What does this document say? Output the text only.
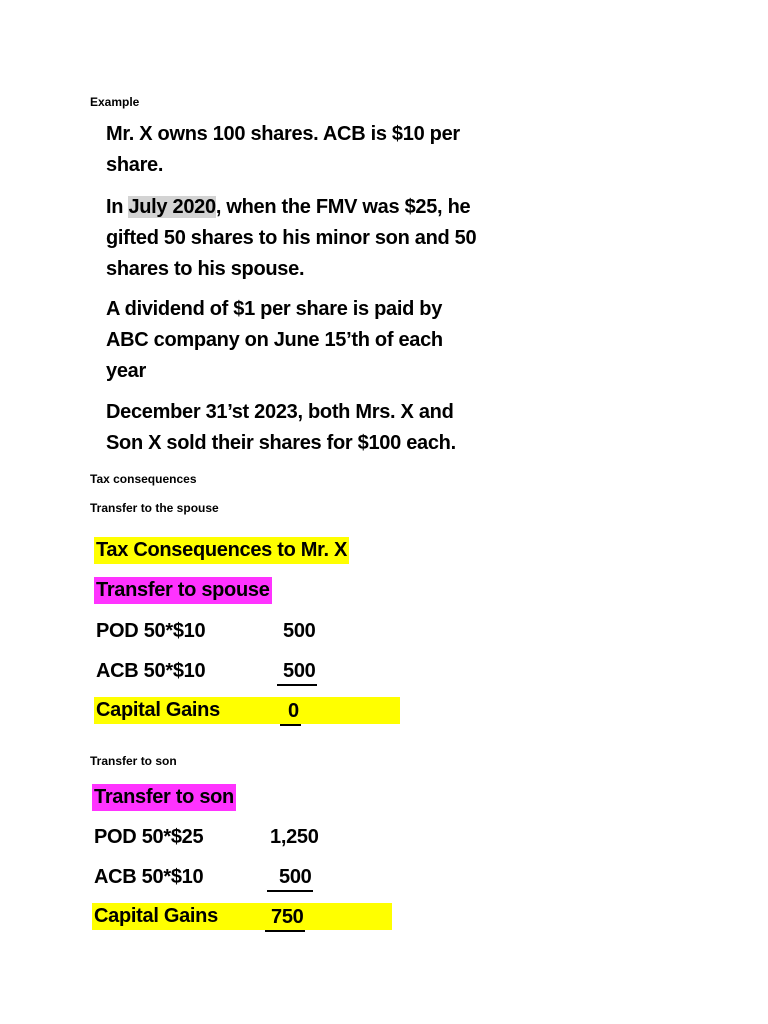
Example

Mr. X owns 100 shares. ACB is $10 per share.

In July 2020, when the FMV was $25, he gifted 50 shares to his minor son and 50 shares to his spouse.

A dividend of $1 per share is paid by ABC company on June 15’th of each year

December 31’st 2023, both Mrs. X and Son X sold their shares for $100 each.

Tax consequences

Transfer to the spouse

Tax Consequences to Mr. X

Transfer to spouse

POD 50*$10	500

ACB 50*$10	500

Capital Gains	0

Transfer to son

Transfer to son

POD 50*$25	1,250

ACB 50*$10	500

Capital Gains	750
